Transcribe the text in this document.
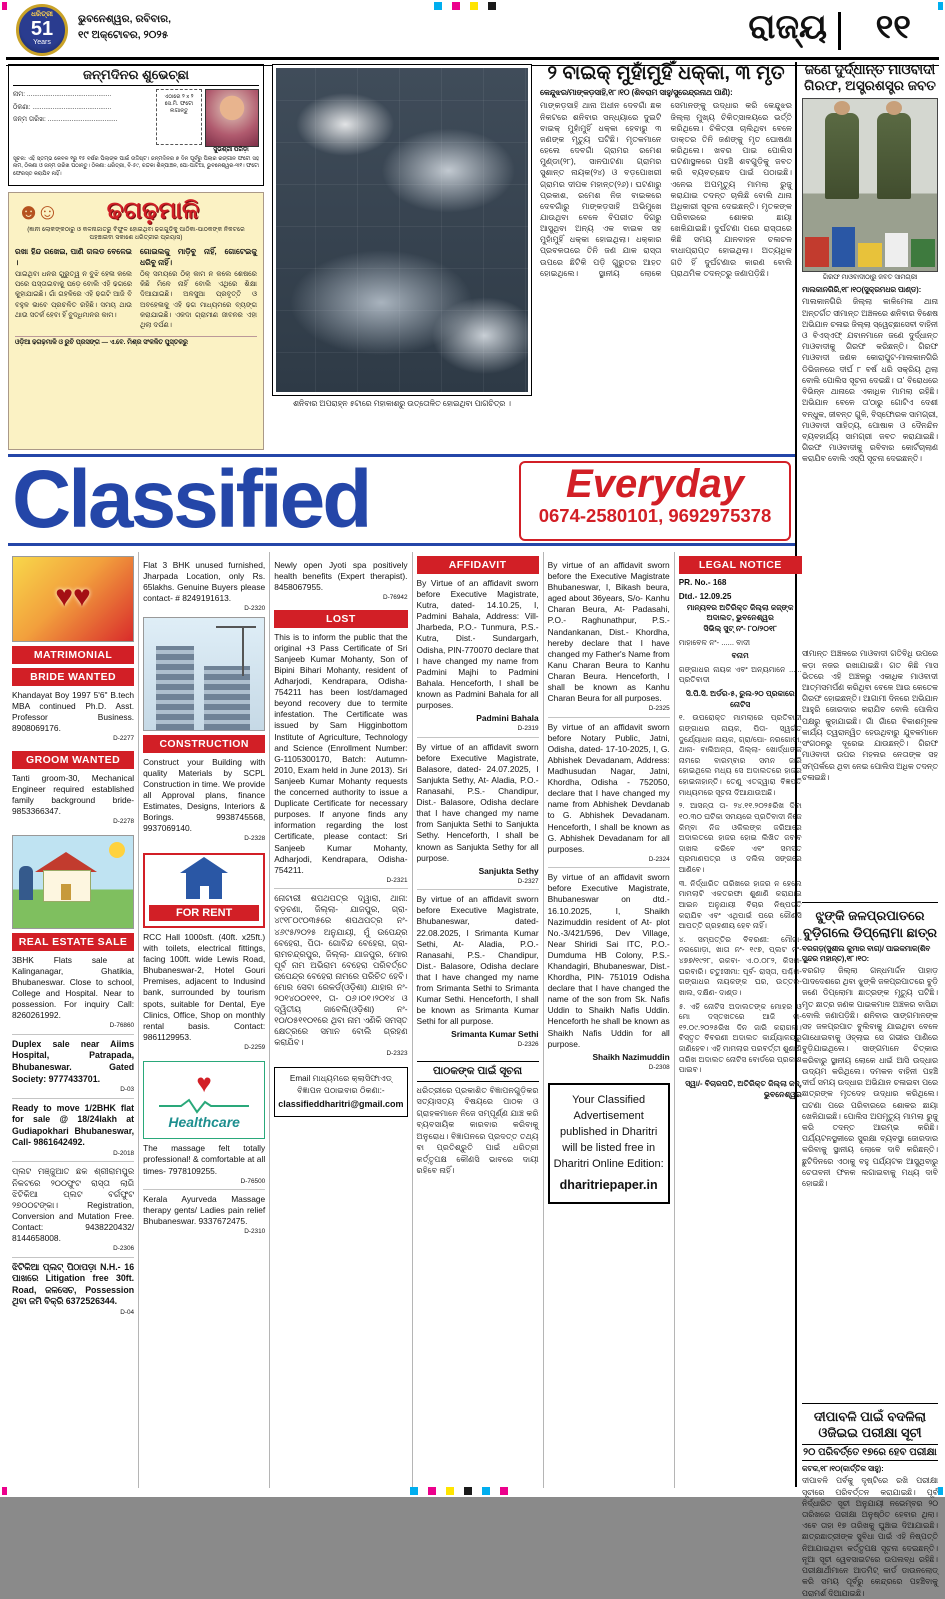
ଧରିତ୍ରୀ
51
Years
ଭୁବନେଶ୍ୱର, ରବିବାର,
୧୯ ଅକ୍ଟୋବର, ୨୦୨୫	ରାଜ୍ୟ ୧୧
ଜନ୍ମଦିନର ଶୁଭେଚ୍ଛା
ନାମ: ..............................................
ଠିକଣା: ...........................................
ଜନ୍ମ ତାରିଖ: ......................................
ଏଠାରେ ୨ x ୨ ସେ.ମି. ଫଟୋ ଲଗାନ୍ତୁ
ସୁଭଶ୍ରୀ ପରିଡ଼ା
ସୂଚନା: ଏହି ସ୍ତମ୍ଭ କେବଳ ୧ରୁ ୧୫ ବର୍ଷର ପିଲାଙ୍କ ପାଇଁ ଉଦ୍ଦିଷ୍ଟ। ଜନ୍ମଦିନର ୭ ଦିନ ପୂର୍ବରୁ ପିଲାର ରଙ୍ଗୀନ ଫଟୋ ସହ ନାମ, ଠିକଣା ଓ ଜନ୍ମ ତାରିଖ ପଠାନ୍ତୁ। ଠିକଣା: ଧରିତ୍ରୀ, ବି-୫୯, ଚନ୍ଦକା ଶିଳ୍ପାଞ୍ଚଳ, ପୋ-ପାଟିଆ, ଭୁବନେଶ୍ୱର-୩୧। ଫଟୋ ଫେରସ୍ତ କରାଯିବ ନାହିଁ।
☻☺	ଢଗଢ଼ମାଳି
(ଜ୍ଞାନୀ ଲୋକଙ୍କଠାରୁ ଓ କଳନାଜାତରୁ ବିଫୁଳ ହୋଇଥିବା ଢଗଗୁଡ଼ିକୁ ପାଠିକା-ପାଠକଙ୍କ ନିକଟରେ ପହଞ୍ଚାଇବା ସକାଶେ ଧରିତ୍ରୀର ପ୍ରୟାସ)
ରଖା ହିନ୍ଦ ରଖେଇ, ପାଣି ଗଲଡ ବେଳେଇ ।
ପାଇଥିବା ଧନର ଗୁରୁତ୍ୱ ନ ବୁଝି ହେଳା କଲେ ପରେ ପସ୍ତାଇବାକୁ ପଡ଼େ ବୋଲି ଏହି ଢଗରେ କୁହାଯାଇଛି। ଗାଁ ଗହଳିରେ ଏହି ଢଗଟି ଆଜି ବି ବହୁଳ ଭାବେ ପ୍ରଚଳିତ ରହିଛି। ସମୟ ଥାଉ ଥାଉ ସତର୍କ ହେବା ହିଁ ବୁଦ୍ଧିମାନର କାମ।
ଗୋଇଲକୁ ମାଡ଼ିବୁ ନାହିଁ, ଗୋଟେଇକୁ ଧରିବୁ ନାହିଁ।
ଠିକ୍ ସମୟରେ ଠିକ୍ କାମ ନ କଲେ ଶେଷରେ କିଛି ମିଳେ ନାହିଁ ବୋଲି ଏଥିରେ ଶିକ୍ଷା ଦିଆଯାଇଛି। ଅଳସୁଆ ପ୍ରବୃତ୍ତି ଓ ଅବହେଳାକୁ ଏହି ଢଗ ମାଧ୍ୟମରେ ବ୍ୟଙ୍ଗ କରାଯାଇଛି। ଏକଦା ଗ୍ରାମୀଣ ଜୀବନର ଏହା ଥିଲା ଦର୍ପଣ।
ଓଡ଼ିଆ ଢଗଢ଼ମାଳି ଓ ରୁଚି ପ୍ରସଙ୍ଗ — ଏ.ବେ. ମିଶ୍ର ସଂକଳିତ ପୁସ୍ତକରୁ
ଶନିବାର ଅପରାହ୍ନ ୫ଟାରେ ମହାକାଶରୁ ଉତ୍ତୋଳିତ ହୋଇଥିବା ପାଗଚିତ୍ର ।
୨ ବାଇକ୍ ମୁହାଁମୁହିଁ ଧକ୍କା, ୩ ମୃତ
କେନ୍ଦୁଝର/ମାଙ୍କଡ଼ସାହି,୧୮।୧୦ (ଶିବରାମ ସାହୁ/ସୁରେନ୍ଦ୍ରନାଥ ପାଣି):
ମାଙ୍କଡ଼ସାହି ଥାନା ଅଧୀନ ଦେବଗାଁ ଛକ ନିକଟରେ ଶନିବାର ସନ୍ଧ୍ୟାରେ ଦୁଇଟି ବାଇକ୍ ମୁହାଁମୁହିଁ ଧକ୍କା ହେବାରୁ ୩ ଜଣଙ୍କ ମୃତ୍ୟୁ ଘଟିଛି। ମୃତକମାନେ ହେଲେ ଦେବଗାଁ ଗ୍ରାମର ରମେଶ ମୁଣ୍ଡା(୨୮), ସାନପାଟଣା ଗ୍ରାମର ସୁଶାନ୍ତ ନାୟକ(୨୪) ଓ ବଡ଼ପୋଖରୀ ଗ୍ରାମର ଦୀପକ ମହାନ୍ତ(୨୬)। ଘଟଣାରୁ ପ୍ରକାଶ, ରମେଶ ନିଜ ବାଇକରେ ଦେବଗାଁରୁ ମାଙ୍କଡ଼ସାହି ଅଭିମୁଖେ ଯାଉଥିବା ବେଳେ ବିପରୀତ ଦିଗରୁ ଆସୁଥିବା ଅନ୍ୟ ଏକ ବାଇକ ସହ ମୁହାଁମୁହିଁ ଧକ୍କା ହୋଇଥିଲା। ଧକ୍କାର ପ୍ରବଳତାରେ ତିନି ଜଣ ଯାକ ରାସ୍ତା ଉପରେ ଛିଟିକି ପଡ଼ି ଗୁରୁତର ଆହତ ହୋଇଥିଲେ। ସ୍ଥାନୀୟ ଲୋକେ ସେମାନଙ୍କୁ ଉଦ୍ଧାର କରି କେନ୍ଦୁଝର ଜିଲ୍ଲା ମୁଖ୍ୟ ଚିକିତ୍ସାଳୟରେ ଭର୍ତ୍ତି କରିଥିଲେ। ଚିକିତ୍ସା ଚାଲିଥିବା ବେଳେ ଡାକ୍ତର ତିନି ଜଣଙ୍କୁ ମୃତ ଘୋଷଣା କରିଥିଲେ। ଖବର ପାଇ ପୋଲିସ ଘଟଣାସ୍ଥଳରେ ପହଞ୍ଚି ଶବଗୁଡ଼ିକୁ ଜବତ କରି ବ୍ୟବଚ୍ଛେଦ ପାଇଁ ପଠାଇଛି। ଏନେଇ ଅପମୃତ୍ୟୁ ମାମଲା ରୁଜୁ କରାଯାଇ ତଦନ୍ତ ଚାଲିଛି ବୋଲି ଥାନା ଅଧିକାରୀ ସୂଚନା ଦେଇଛନ୍ତି। ମୃତକଙ୍କ ପରିବାରରେ ଶୋକର ଛାୟା ଖେଳିଯାଇଛି। ଦୁର୍ଘଟଣା ପରେ ରାସ୍ତାରେ କିଛି ସମୟ ଯାନବାହନ ଚଳାଚଳ ବାଧାପ୍ରାପ୍ତ ହୋଇଥିଲା। ଅତ୍ୟଧିକ ଗତି ହିଁ ଦୁର୍ଘଟଣାର କାରଣ ବୋଲି ପ୍ରାଥମିକ ତଦନ୍ତରୁ ଜଣାପଡ଼ିଛି।
ଜଣେ ଦୁର୍ଦ୍ଧାନ୍ତ ମାଓବାଦୀ
ଗିରଫ, ଅସ୍ତ୍ରଶସ୍ତ୍ର ଜବତ
ଗିରଫ ମାଓବାଦୀଠାରୁ ଜବତ ସାମଗ୍ରୀ
ମାଲକାନଗିରି,୧୮।୧୦(ସୁକ୍ରମଧର ପାଣ୍ଡ):
ମାଲକାନଗିରି ଜିଲ୍ଲା କାଳିମେଳା ଥାନା ଅନ୍ତର୍ଗତ ସୀମାନ୍ତ ଅଞ୍ଚଳରେ ଶନିବାର ବିଶେଷ ଅଭିଯାନ ଚଳାଇ ଜିଲ୍ଲା ସ୍ୱେଚ୍ଛାସେବୀ ବାହିନୀ ଓ ବିଏସ୍ଏଫ୍ ଯବାନମାନେ ଜଣେ ଦୁର୍ଦ୍ଧାନ୍ତ ମାଓବାଦୀକୁ ଗିରଫ କରିଛନ୍ତି। ଗିରଫ ମାଓବାଦୀ ଜଣକ କୋରାପୁଟ-ମାଲକାନଗିରି ଡିଭିଜନରେ ଦୀର୍ଘ ୮ ବର୍ଷ ଧରି ସକ୍ରିୟ ଥିଲା ବୋଲି ପୋଲିସ ସୂଚନା ଦେଇଛି। ତା' ବିରୋଧରେ ବିଭିନ୍ନ ଥାନାରେ ଏକାଧିକ ମାମଲା ରହିଛି। ଅଭିଯାନ ବେଳେ ତା'ଠାରୁ ଗୋଟିଏ ଦେଶୀ ବନ୍ଧୁକ, ଜୀବନ୍ତ ଗୁଳି, ବିସ୍ଫୋରକ ସାମଗ୍ରୀ, ମାଓବାଦୀ ସାହିତ୍ୟ, ପୋଷାକ ଓ ଦୈନନ୍ଦିନ ବ୍ୟବହାର୍ଯ୍ୟ ସାମଗ୍ରୀ ଜବତ କରାଯାଇଛି। ଗିରଫ ମାଓବାଦୀକୁ ରବିବାର କୋର୍ଟଚାଲାଣ କରାଯିବ ବୋଲି ଏସ୍ପି ସୂଚନା ଦେଇଛନ୍ତି।
ସୀମାନ୍ତ ଅଞ୍ଚଳରେ ମାଓବାଦୀ ଗତିବିଧି ଉପରେ କଡ଼ା ନଜର ରଖାଯାଇଛି। ଗତ କିଛି ମାସ ଭିତରେ ଏହି ଅଞ୍ଚଳରୁ ଏକାଧିକ ମାଓବାଦୀ ଆତ୍ମସମର୍ପଣ କରିଥିବା ବେଳେ ଆଉ କେତେକ ଗିରଫ ହୋଇଛନ୍ତି। ଆଗାମୀ ଦିନରେ ଅଭିଯାନ ଆହୁରି ଜୋରଦାର କରାଯିବ ବୋଲି ପୋଲିସ ପକ୍ଷରୁ କୁହାଯାଇଛି। ଗାଁ ଗାଁରେ ବିକାଶମୂଳକ କାର୍ଯ୍ୟ ତ୍ୱରାନ୍ୱିତ ହେଉଥିବାରୁ ଯୁବକମାନେ ସଂଗଠନରୁ ଦୂରେଇ ଯାଉଛନ୍ତି। ଗିରଫ ମାଓବାଦୀ ଉପର ମହଲର ନେତାଙ୍କ ସହ ସମ୍ପର୍କରେ ଥିବା ନେଇ ପୋଲିସ ଅଧିକ ତଦନ୍ତ ଚଳାଇଛି।
ଝୁଙ୍କି ଜଳପ୍ରପାତରେ ବୁଡ଼ିଗଲେ ଡିପ୍ଲୋମା ଛାତ୍ର
ବରଗଡ଼(ସୁଶୀଲ କୁମାର ବାଗ)/ ପାଇକମାଳ(ଶିବ ସୁନ୍ଦର ମହାନ୍ତ),୧୮।୧୦:
ବରଗଡ଼ ଜିଲ୍ଲା ଗନ୍ଧମାର୍ଦ୍ଦନ ପାହାଡ଼ ପାଦଦେଶରେ ଥିବା ଝୁଙ୍କି ଜଳପ୍ରପାତରେ ବୁଡ଼ି ଜଣେ ଡିପ୍ଲୋମା ଛାତ୍ରଙ୍କ ମୃତ୍ୟୁ ଘଟିଛି। ମୃତ ଛାତ୍ର ଜଣକ ପାଇକମାଳ ଅଞ୍ଚଳର ବାସିନ୍ଦା ବୋଲି ଜଣାପଡ଼ିଛି। ଶନିବାର ସାଙ୍ଗମାନଙ୍କ ସହ ଜଳପ୍ରପାତ ବୁଲିବାକୁ ଯାଇଥିବା ବେଳେ ଗାଧୋଇବାକୁ ଓହ୍ଲାଇ ସେ ଗଭୀର ପାଣିରେ ବୁଡ଼ିଯାଇଥିଲେ। ସାଙ୍ଗମାନେ ଚିତ୍କାର କରିବାରୁ ସ୍ଥାନୀୟ ଲୋକେ ଧାଇଁ ଆସି ଉଦ୍ଧାର ଉଦ୍ୟମ କରିଥିଲେ। ଦମକଳ ବାହିନୀ ପହଞ୍ଚି ଦୀର୍ଘ ସମୟ ଉଦ୍ଧାର ଅଭିଯାନ ଚଳାଇବା ପରେ ଛାତ୍ରଙ୍କ ମୃତଦେହ ଉଦ୍ଧାର କରିଥିଲେ। ଘଟଣା ପରେ ପରିବାରରେ ଶୋକର ଛାୟା ଖେଳିଯାଇଛି। ପୋଲିସ ଅପମୃତ୍ୟୁ ମାମଲା ରୁଜୁ କରି ତଦନ୍ତ ଆରମ୍ଭ କରିଛି। ପର୍ଯ୍ୟଟନସ୍ଥଳୀରେ ସୁରକ୍ଷା ବ୍ୟବସ୍ଥା ଜୋରଦାର କରିବାକୁ ସ୍ଥାନୀୟ ଲୋକେ ଦାବି କରିଛନ୍ତି। ଛୁଟିଦିନରେ ଏଠାକୁ ବହୁ ପର୍ଯ୍ୟଟକ ଆସୁଥିବାରୁ ଚେତାବନୀ ଫଳକ ଲଗାଇବାକୁ ମଧ୍ୟ ଦାବି ହୋଇଛି।
ଦୀପାବଳି ପାଇଁ ବଦଳିଲା ଓଜିଇଇ ପରୀକ୍ଷା ସୂଚୀ
୨୦ ପରିବର୍ତ୍ତେ ୧୭ରେ ହେବ ପରୀକ୍ଷା
କଟକ,୧୮।୧୦(କାର୍ତ୍ତିକ ସାହୁ):
ଦୀପାବଳି ପର୍ବକୁ ଦୃଷ୍ଟିରେ ରଖି ପରୀକ୍ଷା ସୂଚୀରେ ପରିବର୍ତ୍ତନ କରାଯାଇଛି। ପୂର୍ବ ନିର୍ଦ୍ଧାରିତ ସୂଚୀ ଅନୁଯାୟୀ ନଭେମ୍ବର ୨୦ ତାରିଖରେ ପରୀକ୍ଷା ଅନୁଷ୍ଠିତ ହେବାର ଥିଲା। ଏବେ ତାହା ୧୭ ତାରିଖକୁ ଘୁଞ୍ଚାଇ ଦିଆଯାଇଛି। ଛାତ୍ରଛାତ୍ରୀଙ୍କ ସୁବିଧା ପାଇଁ ଏହି ନିଷ୍ପତ୍ତି ନିଆଯାଇଥିବା କର୍ତ୍ତୃପକ୍ଷ ସୂଚନା ଦେଇଛନ୍ତି। ନୂଆ ସୂଚୀ ୱେବସାଇଟରେ ଉପଲବ୍ଧ ରହିଛି। ପରୀକ୍ଷାର୍ଥୀମାନେ ଆଡମିଟ୍ କାର୍ଡ ଡାଉନଲୋଡ୍ କରି ସମୟ ପୂର୍ବରୁ କେନ୍ଦ୍ରରେ ପହଞ୍ଚିବାକୁ ପରାମର୍ଶ ଦିଆଯାଇଛି।
Classified	Everyday
0674-2580101, 9692975378
♥♥
MATRIMONIAL
BRIDE WANTED
Khandayat Boy 1997 5'6" B.tech MBA continued Ph.D. Asst. Professor Business. 8908069176.
D-2277
GROOM WANTED
Tanti groom-30, Mechanical Engineer required established family background bride- 9853366347.
D-2278
REAL ESTATE SALE
3BHK Flats sale at Kalinganagar, Ghatikia, Bhubaneswar. Close to school, College and Hospital. Near to possession. For inquiry Call: 8260261992.
D-76860
Duplex sale near Aiims Hospital, Patrapada, Bhubaneswar. Gated Society: 9777433701.
D-03
Ready to move 1/2BHK flat for sale @ 18/24lakh at Gudiapokhari Bhubaneswar, Call- 9861642492.
D-2018
ପ୍ଲଟ ମଞ୍ଜୁଆତ ଛକ ଶ୍ରୀରାମପୁର ନିକଟରେ ୨୦୦ଫୁଟ ରାସ୍ତା ଲାଗି ଝିଟିକିଆ ପ୍ଲଟ ବର୍ଗଫୁଟ ୨୭୦୦ଟଙ୍କା। Registration, Conversion and Mutation Free. Contact: 9438220432/ 8144658008.
D-2306
ଝିଟିକିଆ ପ୍ଲଟ୍ ପିଠାପଡ଼ା N.H.- 16 ପାଖରେ Litigation free 30ft. Road, ଜଳସେଚ, Possession ଥିବା ଜମି ବିକ୍ରି 6372526344.
D-04
Flat 3 BHK unused furnished, Jharpada Location, only Rs. 65lakhs. Genuine Buyers please contact- # 8249191613.
D-2320
CONSTRUCTION
Construct your Building with quality Materials by SCPL Construction in time. We provide all Approval plans, finance Estimates, Designs, Interiors & Borings. 9938745568, 9937069140.
D-2328
FOR RENT
RCC Hall 1000sft. (40ft. x25ft.) with toilets, electrical fittings, facing 100ft. wide Lewis Road, Bhubaneswar-2, Hotel Gouri Premises, adjacent to Indusind bank, surrounded by tourism spots, suitable for Dental, Eye Clinics, Office, Shop on monthly rental basis. Contact: 9861129953.
D-2259
♥
Healthcare
The massage felt totally professional! & comfortable at all times- 7978109255.
D-76500
Kerala Ayurveda Massage therapy gents/ Ladies pain relief Bhubaneswar. 9337672475.
D-2310
Newly open Jyoti spa positively health benefits (Expert therapist). 8458067955.
D-76942
LOST
This is to inform the public that the original +3 Pass Certificate of Sri Sanjeeb Kumar Mohanty, Son of Bipini Bihari Mohanty, resident of Adharjodi, Kendrapara, Odisha-754211 has been lost/damaged beyond recovery due to termite infestation. The Certificate was issued by Sam Higginbottom Institute of Agriculture, Technology and Science (Enrollment Number: G-1105300170, Batch: Autumn-2010, Exam held in June 2013). Sri Sanjeeb Kumar Mohanty requests the concerned authority to issue a Duplicate Certificate for necessary purposes. If anyone finds any information regarding the lost Certificate, please contact: Sri Sanjeeb Kumar Mohanty, Adharjodi, Kendrapara, Odisha-754211.
D-2321
ନୋଟାରୀ ଶପଥପତ୍ର ଦ୍ୱାରା, ଥାନା: ବଡ଼ଚଣା, ଜିଲ୍ଲା- ଯାଜପୁର, ଗ୍ରା- ୪୯୧୮୦୯୦୩୫ରେ ଶପଥପତ୍ର ନଂ- ୪୬୯୫/୨୦୨୫ ଅନୁଯାୟୀ, ମୁଁ ଉପେନ୍ଦ୍ର ବେହେରା, ପିତା- ଗୋବିନ୍ଦ ବେହେରା, ଗ୍ରା- ରାମଚନ୍ଦ୍ରପୁର, ଜିଲ୍ଲା- ଯାଜପୁର, ମୋର ପୂର୍ବ ନାମ ଅଭିରାମ ବେହେରା ପରିବର୍ତ୍ତେ ଉପେନ୍ଦ୍ର ବେହେରା ନାମରେ ପରିଚିତ ହେବି। ମୋର ସେବା ରେକର୍ଡ(ଓଡ଼ିଶା) ଯାହାର ନଂ- ୨୦୧୪୦୦୧୧୧, ତା- ୦୬।୦୧।୨୦୧୪ ଓ ଦ୍ୱିତୀୟ ଜାବେଲି(ଓଡ଼ିଶା) ନଂ- ୧୦/୦୫୧୧୦୧ରେ ଥିବା ନାମ ଏଣିକି ସମସ୍ତ କ୍ଷେତ୍ରରେ ସମାନ ବୋଲି ଗ୍ରହଣ କରାଯିବ।
D-2323
Email ମାଧ୍ୟମରେ କ୍ଲାସିଫାଏଡ୍ ବିଜ୍ଞାପନ ପଠାଇବାର ଠିକଣା:-
classifieddharitri@gmail.com
AFFIDAVIT
By Virtue of an affidavit sworn before Executive Magistrate, Kutra, dated- 14.10.25, I, Padmini Bahala, Address: Vill- Jharbeda, P.O.- Tunmura, P.S.-Kutra, Dist.- Sundargarh, Odisha, PIN-770070 declare that I have changed my name from Padmini Majhi to Padmini Bahala. Henceforth, I shall be known as Padmini Bahala for all purposes.
Padmini Bahala
D-2319
By virtue of an affidavit sworn before Executive Magistrate, Balasore, dated- 24.07.2025, I Sanjukta Sethy, At- Aladia, P.O.- Ranasahi, P.S.- Chandipur, Dist.- Balasore, Odisha declare that I have changed my name from Sanjukta Sethi to Sanjukta Sethy. Henceforth, I shall be known as Sanjukta Sethy for all purpose.
Sanjukta Sethy
D-2327
By virtue of an affidavit sworn before Executive Magistrate, Bhubaneswar, dated- 22.08.2025, I Srimanta Kumar Sethi, At- Aladia, P.O.- Ranasahi, P.S.- Chandipur, Dist.- Balasore, Odisha declare that I have changed my name from Srimanta Sethi to Srimanta Kumar Sethi. Henceforth, I shall be known as Srimanta Kumar Sethi for all purpose.
Srimanta Kumar Sethi
D-2326
ପାଠକଙ୍କ ପାଇଁ ସୂଚନା
ଧରିତ୍ରୀରେ ପ୍ରକାଶିତ ବିଜ୍ଞାପନଗୁଡ଼ିକର ସତ୍ୟାସତ୍ୟ ବିଷୟରେ ପାଠକ ଓ ଗ୍ରାହକମାନେ ନିଜେ ସମ୍ପୂର୍ଣ୍ଣ ଯାଞ୍ଚ କରି ବ୍ୟବସାୟିକ କାରବାର କରିବାକୁ ଅନୁରୋଧ। ବିଜ୍ଞାପନରେ ପ୍ରଦତ୍ତ ତଥ୍ୟ ବା ପ୍ରତିଶ୍ରୁତି ପାଇଁ ଧରିତ୍ରୀ କର୍ତ୍ତୃପକ୍ଷ କୌଣସି ଭାବରେ ଦାୟୀ ରହିବେ ନାହିଁ।
By virtue of an affidavit sworn before the Executive Magistrate Bhubaneswar, I, Bikash beura, aged about 36years, S/o- Kanhu Charan Beura, At- Padasahi, P.O.- Raghunathpur, P.S.- Nandankanan, Dist.- Khordha, hereby declare that I have changed my Father's Name from Kanu Charan Beura to Kanhu Charan Beura. Henceforth, I shall be known as Kanhu Charan Beura for all purposes.
D-2325
By virtue of an affidavit sworn before Notary Public, Jatni, Odisha, dated- 17-10-2025, I, G. Abhishek Devadanam, Address: Madhusudan Nagar, Jatni, Khordha, Odisha - 752050, declare that I have changed my name from Abhishek Devdanab to G. Abhishek Devadanam. Henceforth, I shall be known as G. Abhishek Devadanam for all purposes.
D-2324
By virtue of an affidavit sworn before Executive Magistrate, Bhubaneswar on dtd.- 16.10.2025, I, Shaikh Nazimuddin resident of At- plot No.-3/421/596, Dev Village, Near Shiridi Sai ITC, P.O.- Dumduma HB Colony, P.S.- Khandagiri, Bhubaneswar, Dist.- Khordha, PIN- 751019 Odisha declare that I have changed the name of the son from Sk. Nafis Uddin to Shaikh Nafis Uddin. Henceforth he shall be known as Shaikh Nafis Uddin for all purpose.
Shaikh Nazimuddin
D-2308
Your Classified Advertisement published in Dharitri will be listed free in Dharitri Online Edition:
dharitriepaper.in
LEGAL NOTICE
PR. No.- 168
Dtd.- 12.09.25
ମାନ୍ୟବର ଅତିରିକ୍ତ ଜିଲ୍ଲା ଜଜ୍‌ଙ୍କ ଅଦାଲତ, ଭୁବନେଶ୍ୱର
ସିଭିଲ୍ ସୁଟ୍ ନଂ- ୮୦/୨୦୧୮

ମାହାବେଳ ନଂ- ...... ବାଦୀ

ବନାମ

ଗଙ୍ଗାଧର ନାୟକ ଏବଂ ଅନ୍ୟମାନେ ...... ପ୍ରତିବାଦୀ

ସି.ପି.ସି. ଅର୍ଡର-୫, ରୁଲ-୨୦ ପ୍ରକାରେ ନୋଟିସ

୧. ଉପରୋକ୍ତ ମାମଲାରେ ପ୍ରତିବାଦୀ ଗଙ୍ଗାଧର ନାୟକ, ପିତା- ସ୍ୱର୍ଗତ ଦୁର୍ଯ୍ୟୋଧନ ନାୟକ, ଗ୍ରା/ପୋ- ନରଗୋଡ଼ା, ଥାନା- ବାଲିଅନ୍ତା, ଜିଲ୍ଲା- ଖୋର୍ଦ୍ଧାଙ୍କ ନାମରେ ବାରମ୍ବାର ସମନ ଜାରି ହୋଇଥିଲେ ମଧ୍ୟ ସେ ଅଦାଲତରେ ହାଜର ହୋଇନାହାନ୍ତି। ତେଣୁ ଏତଦ୍ଦ୍ୱାରା ବିଜ୍ଞପ୍ତି ମାଧ୍ୟମରେ ସୂଚନା ଦିଆଯାଉଅଛି।

୨. ଆସନ୍ତା ତା- ୨୪.୧୧.୨୦୨୫ରିଖ ଦିବା ୧୦.୩୦ ଘଟିକା ସମୟରେ ପ୍ରତିବାଦୀ ନିଜେ କିମ୍ବା ନିଜ ଓକିଲଙ୍କ ଜରିଆରେ ଅଦାଲତରେ ହାଜର ହୋଇ ଲିଖିତ ଜବାବ ଦାଖଲ କରିବେ ଏବଂ ସମସ୍ତ ପ୍ରମାଣପତ୍ର ଓ ଦଲିଲ ସଙ୍ଗରେ ଆଣିବେ।

୩. ନିର୍ଦ୍ଧାରିତ ତାରିଖରେ ହାଜର ନ ହେଲେ ମାମଲାଟି ଏକତରଫା ଶୁଣାଣି କରାଯାଇ ଆଇନ ଅନୁଯାୟୀ ବିଚାର ନିଷ୍ପତ୍ତି କରାଯିବ ଏବଂ ଏଥିପାଇଁ ପରେ କୌଣସି ଆପତ୍ତି ଗ୍ରହଣୀୟ ହେବ ନାହିଁ।

୪. ସମ୍ପତ୍ତିର ବିବରଣୀ: ମୌଜା- ନରଗୋଡ଼ା, ଖାତା ନଂ- ୧୯୭, ପ୍ଲଟ ନଂ- ୪୭୭/୧୯୨୮, ରକବା- ଏ.୦.୦୮୨, କିସମ- ଘରବାରି। ଚତୁଃସୀମା: ପୂର୍ବ- ରାସ୍ତା, ପଶ୍ଚିମ- ଗଙ୍ଗାଧର ନାୟକଙ୍କ ଘର, ଉତ୍ତର- ଖାଲ, ଦକ୍ଷିଣ- ଦାଣ୍ଡ।

୫. ଏହି ନୋଟିସ ଅଦାଲତଙ୍କ ମୋହର ଓ ମୋ ଦସ୍ତଖତରେ ଆଜି ତା- ୧୨.୦୯.୨୦୨୫ରିଖ ଦିନ ଜାରି କରାଗଲା। ବିସ୍ତୃତ ବିବରଣୀ ଅଦାଲତ କାର୍ଯ୍ୟାଳୟରୁ ଜାଣିହେବ। ଏହି ମାମଲାର ପରବର୍ତ୍ତୀ ଶୁଣାଣି ତାରିଖ ଅଦାଲତ ନୋଟିସ ବୋର୍ଡରେ ପ୍ରକାଶ ପାଇବ।

ସ୍ୱା/- ବିଚାରପତି, ଅତିରିକ୍ତ ଜିଲ୍ଲା ଜଜ୍, ଭୁବନେଶ୍ୱର
